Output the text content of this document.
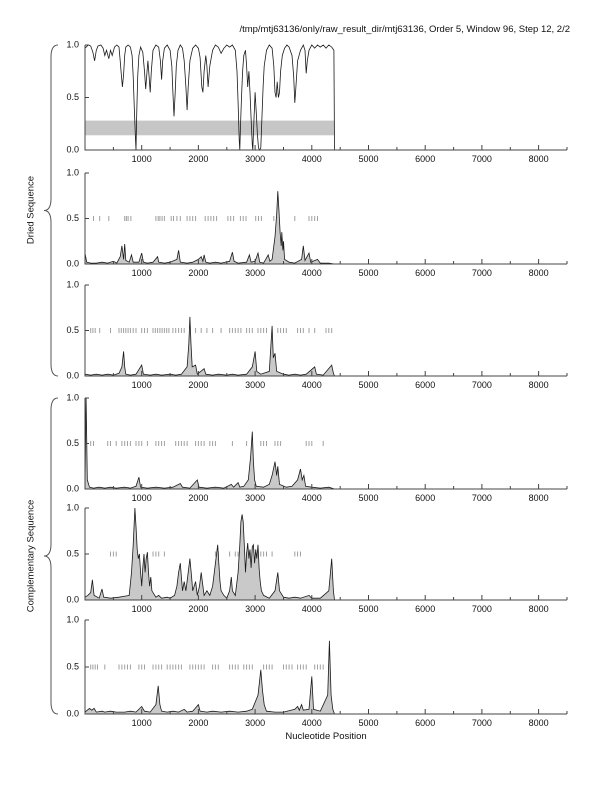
0.0
0.5
1.0
1000	2000	3000	4000	5000	6000	7000	8000
0.0
0.5
1.0
1000	2000	3000	4000	5000	6000	7000	8000
0.0
0.5
1.0
1000	2000	3000	4000	5000	6000	7000	8000
0.0
0.5
1.0
1000	2000	3000	4000	5000	6000	7000	8000
0.0
0.5
1.0
1000	2000	3000	4000	5000	6000	7000	8000
0.0
0.5
1.0
1000	2000	3000	4000	5000	6000	7000	8000
/tmp/mtj63136/only/raw_result_dir/mtj63136, Order 5, Window 96, Step 12, 2/2
Dried Sequence
Complementary Sequence
Nucleotide Position
